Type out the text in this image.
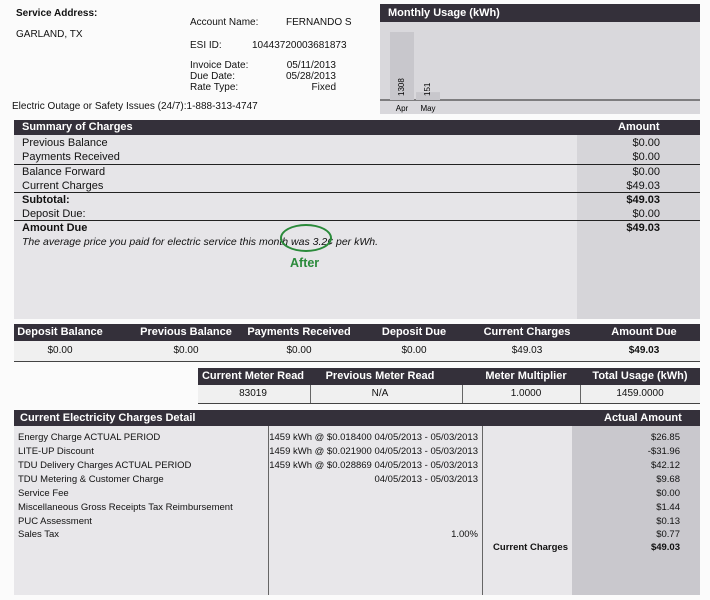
Service Address:
GARLAND, TX
Account Name:	FERNANDO S
ESI ID:	10443720003681873
Invoice Date:	05/11/2013
Due Date:	05/28/2013
Rate Type:	Fixed
Electric Outage or Safety Issues (24/7):1-888-313-4747
Monthly Usage (kWh)
1308
Apr
151
May
Summary of Charges	Amount
Previous Balance	$0.00
Payments Received	$0.00
Balance Forward	$0.00
Current Charges	$49.03
Subtotal:	$49.03
Deposit Due:	$0.00
Amount Due	$49.03
The average price you paid for electric service this month was 3.2¢ per kWh.
After
Deposit Balance	Previous Balance	Payments Received	Deposit Due	Current Charges	Amount Due
$0.00	$0.00	$0.00	$0.00	$49.03	$49.03
Current Meter Read	Previous Meter Read	Meter Multiplier	Total Usage (kWh)
83019	N/A	1.0000	1459.0000
Current Electricity Charges Detail	Actual Amount
Energy Charge ACTUAL PERIOD	1459 kWh @ $0.018400 04/05/2013 - 05/03/2013	$26.85
LITE-UP Discount	1459 kWh @ $0.021900 04/05/2013 - 05/03/2013	-$31.96
TDU Delivery Charges ACTUAL PERIOD	1459 kWh @ $0.028869 04/05/2013 - 05/03/2013	$42.12
TDU Metering & Customer Charge	04/05/2013 - 05/03/2013	$9.68
Service Fee	$0.00
Miscellaneous Gross Receipts Tax Reimbursement	$1.44
PUC Assessment	$0.13
Sales Tax	1.00%	$0.77
Current Charges	$49.03
